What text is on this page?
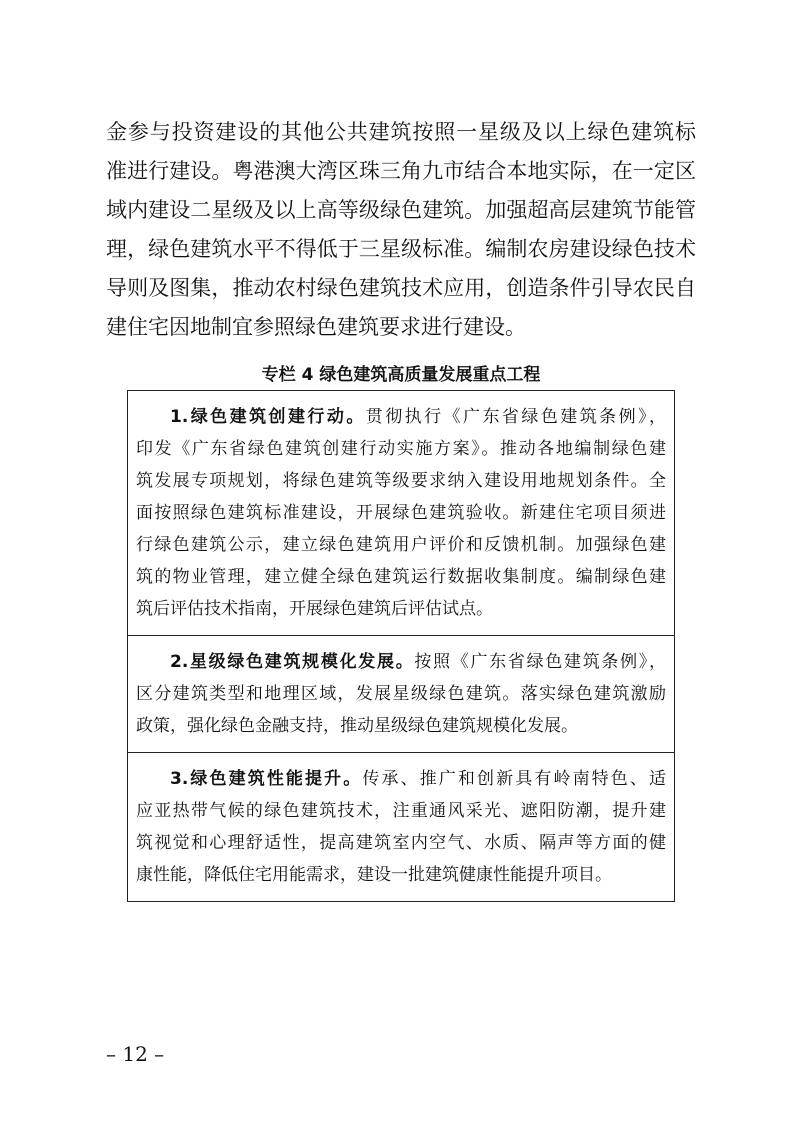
金参与投资建设的其他公共建筑按照一星级及以上绿色建筑标
准进行建设。粤港澳大湾区珠三角九市结合本地实际，在一定区
域内建设二星级及以上高等级绿色建筑。加强超高层建筑节能管
理，绿色建筑水平不得低于三星级标准。编制农房建设绿色技术
导则及图集，推动农村绿色建筑技术应用，创造条件引导农民自
建住宅因地制宜参照绿色建筑要求进行建设。
专栏 4 绿色建筑高质量发展重点工程
1.绿色建筑创建行动。贯彻执行《广东省绿色建筑条例》，
印发《广东省绿色建筑创建行动实施方案》。推动各地编制绿色建
筑发展专项规划，将绿色建筑等级要求纳入建设用地规划条件。全
面按照绿色建筑标准建设，开展绿色建筑验收。新建住宅项目须进
行绿色建筑公示，建立绿色建筑用户评价和反馈机制。加强绿色建
筑的物业管理，建立健全绿色建筑运行数据收集制度。编制绿色建
筑后评估技术指南，开展绿色建筑后评估试点。
2.星级绿色建筑规模化发展。按照《广东省绿色建筑条例》，
区分建筑类型和地理区域，发展星级绿色建筑。落实绿色建筑激励
政策，强化绿色金融支持，推动星级绿色建筑规模化发展。
3.绿色建筑性能提升。传承、推广和创新具有岭南特色、适
应亚热带气候的绿色建筑技术，注重通风采光、遮阳防潮，提升建
筑视觉和心理舒适性，提高建筑室内空气、水质、隔声等方面的健
康性能，降低住宅用能需求，建设一批建筑健康性能提升项目。
– 12 –
